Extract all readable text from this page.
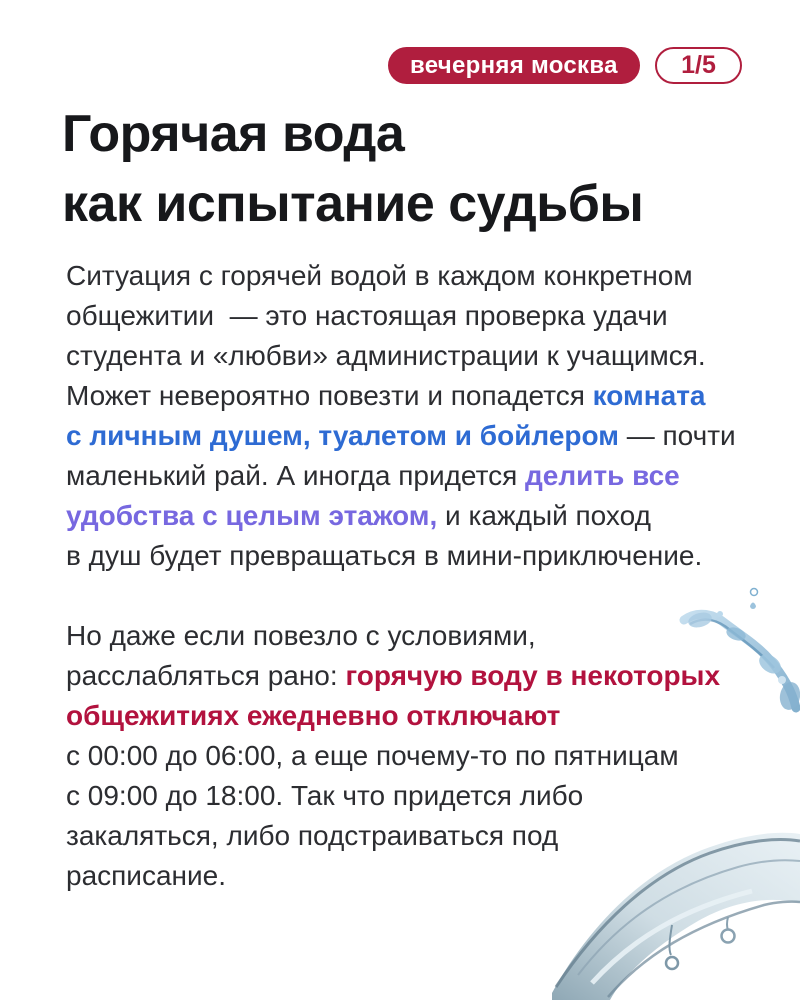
вечерняя москва	1/5
Горячая вода
как испытание судьбы
Ситуация с горячей водой в каждом конкретном
общежитии  — это настоящая проверка удачи
студента и «любви» администрации к учащимся.
Может невероятно повезти и попадется комната
с личным душем, туалетом и бойлером — почти
маленький рай. А иногда придется делить все
удобства с целым этажом, и каждый поход
в душ будет превращаться в мини-приключение.
Но даже если повезло с условиями,
расслабляться рано: горячую воду в некоторых
общежитиях ежедневно отключают
с 00:00 до 06:00, а еще почему-то по пятницам
с 09:00 до 18:00. Так что придется либо
закаляться, либо подстраиваться под
расписание.
